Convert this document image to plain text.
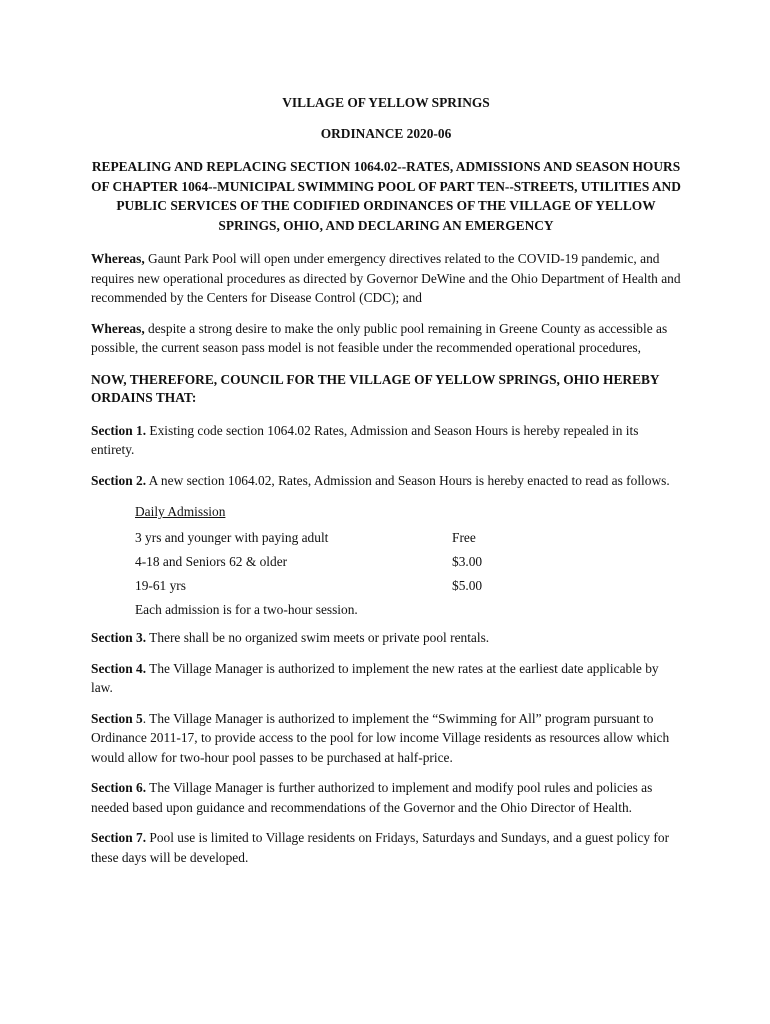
VILLAGE OF YELLOW SPRINGS

ORDINANCE 2020-06

REPEALING AND REPLACING SECTION 1064.02--RATES, ADMISSIONS AND SEASON HOURS OF CHAPTER 1064--MUNICIPAL SWIMMING POOL OF PART TEN--STREETS, UTILITIES AND PUBLIC SERVICES OF THE CODIFIED ORDINANCES OF THE VILLAGE OF YELLOW SPRINGS, OHIO, AND DECLARING AN EMERGENCY

Whereas, Gaunt Park Pool will open under emergency directives related to the COVID-19 pandemic, and requires new operational procedures as directed by Governor DeWine and the Ohio Department of Health and recommended by the Centers for Disease Control (CDC); and

Whereas, despite a strong desire to make the only public pool remaining in Greene County as accessible as possible, the current season pass model is not feasible under the recommended operational procedures,

NOW, THEREFORE, COUNCIL FOR THE VILLAGE OF YELLOW SPRINGS, OHIO HEREBY ORDAINS THAT:

Section 1. Existing code section 1064.02 Rates, Admission and Season Hours is hereby repealed in its entirety.

Section 2. A new section 1064.02, Rates, Admission and Season Hours is hereby enacted to read as follows.

Daily Admission
3 yrs and younger with paying adult	Free
4-18 and Seniors 62 & older	$3.00
19-61 yrs	$5.00
Each admission is for a two-hour session.

Section 3. There shall be no organized swim meets or private pool rentals.

Section 4. The Village Manager is authorized to implement the new rates at the earliest date applicable by law.

Section 5. The Village Manager is authorized to implement the “Swimming for All” program pursuant to Ordinance 2011-17, to provide access to the pool for low income Village residents as resources allow which would allow for two-hour pool passes to be purchased at half-price.

Section 6. The Village Manager is further authorized to implement and modify pool rules and policies as needed based upon guidance and recommendations of the Governor and the Ohio Director of Health.

Section 7. Pool use is limited to Village residents on Fridays, Saturdays and Sundays, and a guest policy for these days will be developed.
